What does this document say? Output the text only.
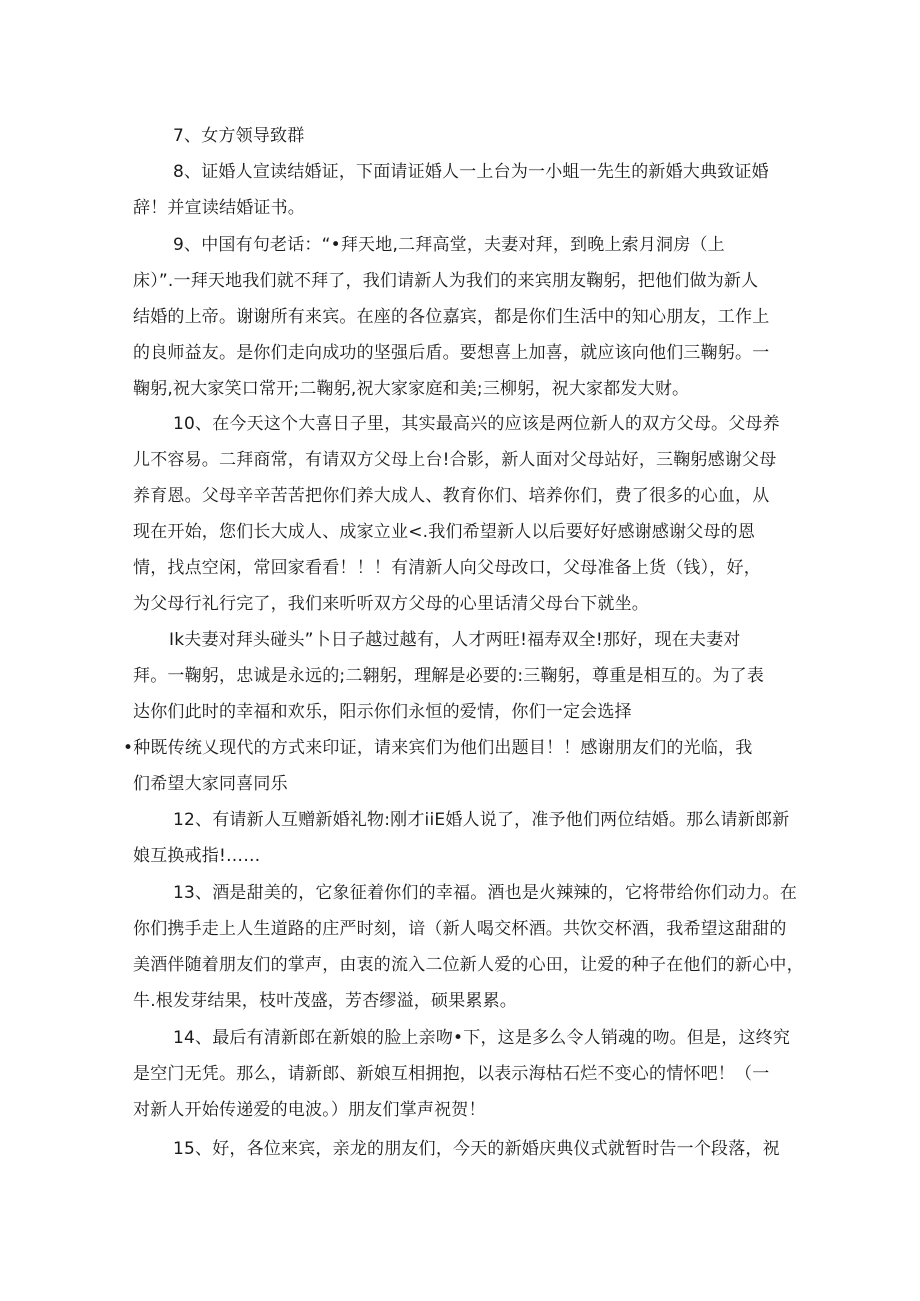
7、女方领导致群
8、证婚人宣读结婚证，下面请证婚人一上台为一小蛆一先生的新婚大典致证婚
辞！并宣读结婚证书。
9、中国有句老话：“•拜天地,二拜高堂，夫妻对拜，到晚上索月洞房（上
床）”.一拜天地我们就不拜了，我们请新人为我们的来宾朋友鞠躬，把他们做为新人
结婚的上帝。谢谢所有来宾。在座的各位嘉宾，都是你们生活中的知心朋友，工作上
的良师益友。是你们走向成功的坚强后盾。要想喜上加喜，就应该向他们三鞠躬。一
鞠躬,祝大家笑口常开;二鞠躬,祝大家家庭和美;三柳躬，祝大家都发大财。
10、在今天这个大喜日子里，其实最高兴的应该是两位新人的双方父母。父母养
儿不容易。二拜商常，有请双方父母上台!合影，新人面对父母站好，三鞠躬感谢父母
养育恩。父母辛辛苦苦把你们养大成人、教育你们、培养你们，费了很多的心血，从
现在开始，您们长大成人、成家立业<.我们希望新人以后要好好感谢感谢父母的恩
情，找点空闲，常回家看看！！！有清新人向父母改口，父母准备上货（钱），好，
为父母行礼行完了，我们来听听双方父母的心里话清父母台下就坐。
Ik夫妻对拜头碰头”卜日子越过越有，人才两旺!福寿双全!那好，现在夫妻对
拜。一鞠躬，忠诚是永远的;二翱躬，理解是必要的:三鞠躬，尊重是相互的。为了表
达你们此时的幸福和欢乐，阳示你们永恒的爱情，你们一定会选择
•种既传统乂现代的方式来印证，请来宾们为他们出题目！！感谢朋友们的光临，我
们希望大家同喜同乐
12、有请新人互赠新婚礼物:刚才iiE婚人说了，准予他们两位结婚。那么请新郎新
娘互换戒指!……
13、酒是甜美的，它象征着你们的幸福。酒也是火辣辣的，它将带给你们动力。在
你们携手走上人生道路的庄严时刻，谙（新人喝交杯酒。共饮交杯酒，我希望这甜甜的
美酒伴随着朋友们的掌声，由衷的流入二位新人爱的心田，让爱的种子在他们的新心中，
牛.根发芽结果，枝叶茂盛，芳杏缪溢，硕果累累。
14、最后有清新郎在新娘的脸上亲吻•下，这是多么令人销魂的吻。但是，这终究
是空门无凭。那么，请新郎、新娘互相拥抱，以表示海枯石烂不变心的情怀吧！（一
对新人开始传递爱的电波。）朋友们掌声祝贺！
15、好，各位来宾，亲龙的朋友们，今天的新婚庆典仪式就暂时告一个段落，祝
